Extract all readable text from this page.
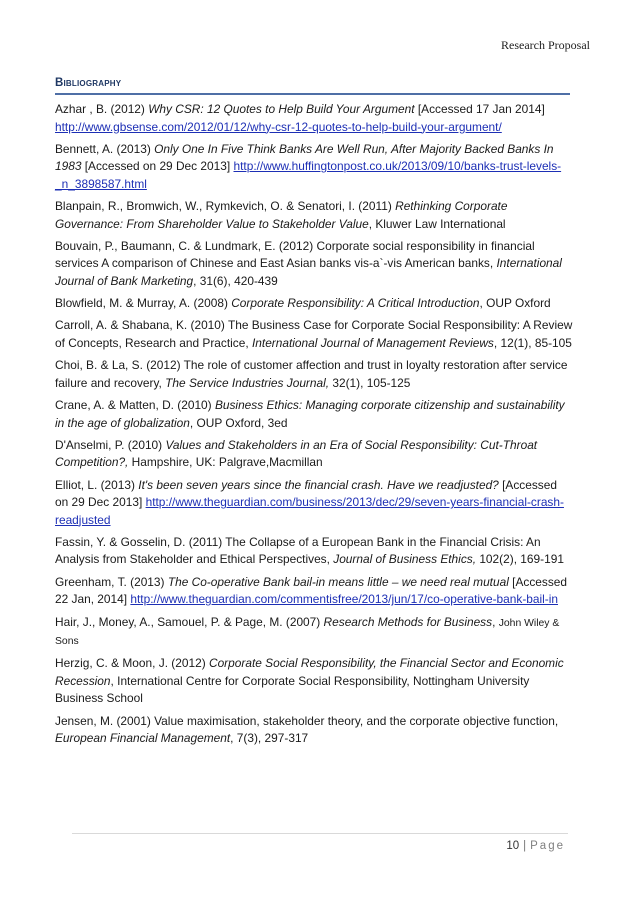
Research Proposal
Bibliography

Azhar , B. (2012) Why CSR: 12 Quotes to Help Build Your Argument [Accessed 17 Jan 2014] http://www.gbsense.com/2012/01/12/why-csr-12-quotes-to-help-build-your-argument/

Bennett, A. (2013) Only One In Five Think Banks Are Well Run, After Majority Backed Banks In 1983 [Accessed on 29 Dec 2013] http://www.huffingtonpost.co.uk/2013/09/10/banks-trust-levels-_n_3898587.html

Blanpain, R., Bromwich, W., Rymkevich, O. & Senatori, I. (2011) Rethinking Corporate Governance: From Shareholder Value to Stakeholder Value, Kluwer Law International

Bouvain, P., Baumann, C. & Lundmark, E. (2012) Corporate social responsibility in financial services A comparison of Chinese and East Asian banks vis-a`-vis American banks, International Journal of Bank Marketing, 31(6), 420-439

Blowfield, M. & Murray, A. (2008) Corporate Responsibility: A Critical Introduction, OUP Oxford

Carroll, A. & Shabana, K. (2010) The Business Case for Corporate Social Responsibility: A Review of Concepts, Research and Practice, International Journal of Management Reviews, 12(1), 85-105

Choi, B. & La, S. (2012) The role of customer affection and trust in loyalty restoration after service failure and recovery, The Service Industries Journal, 32(1), 105-125

Crane, A. & Matten, D. (2010) Business Ethics: Managing corporate citizenship and sustainability in the age of globalization, OUP Oxford, 3ed

D'Anselmi, P. (2010) Values and Stakeholders in an Era of Social Responsibility: Cut-Throat Competition?, Hampshire, UK: Palgrave,Macmillan

Elliot, L. (2013) It's been seven years since the financial crash. Have we readjusted? [Accessed on 29 Dec 2013] http://www.theguardian.com/business/2013/dec/29/seven-years-financial-crash-readjusted

Fassin, Y. & Gosselin, D. (2011) The Collapse of a European Bank in the Financial Crisis: An Analysis from Stakeholder and Ethical Perspectives, Journal of Business Ethics, 102(2), 169-191

Greenham, T. (2013) The Co-operative Bank bail-in means little – we need real mutual [Accessed 22 Jan, 2014] http://www.theguardian.com/commentisfree/2013/jun/17/co-operative-bank-bail-in

Hair, J., Money, A., Samouel, P. & Page, M. (2007) Research Methods for Business, John Wiley & Sons

Herzig, C. & Moon, J. (2012) Corporate Social Responsibility, the Financial Sector and Economic Recession, International Centre for Corporate Social Responsibility, Nottingham University Business School

Jensen, M. (2001) Value maximisation, stakeholder theory, and the corporate objective function, European Financial Management, 7(3), 297-317

10 | Page
